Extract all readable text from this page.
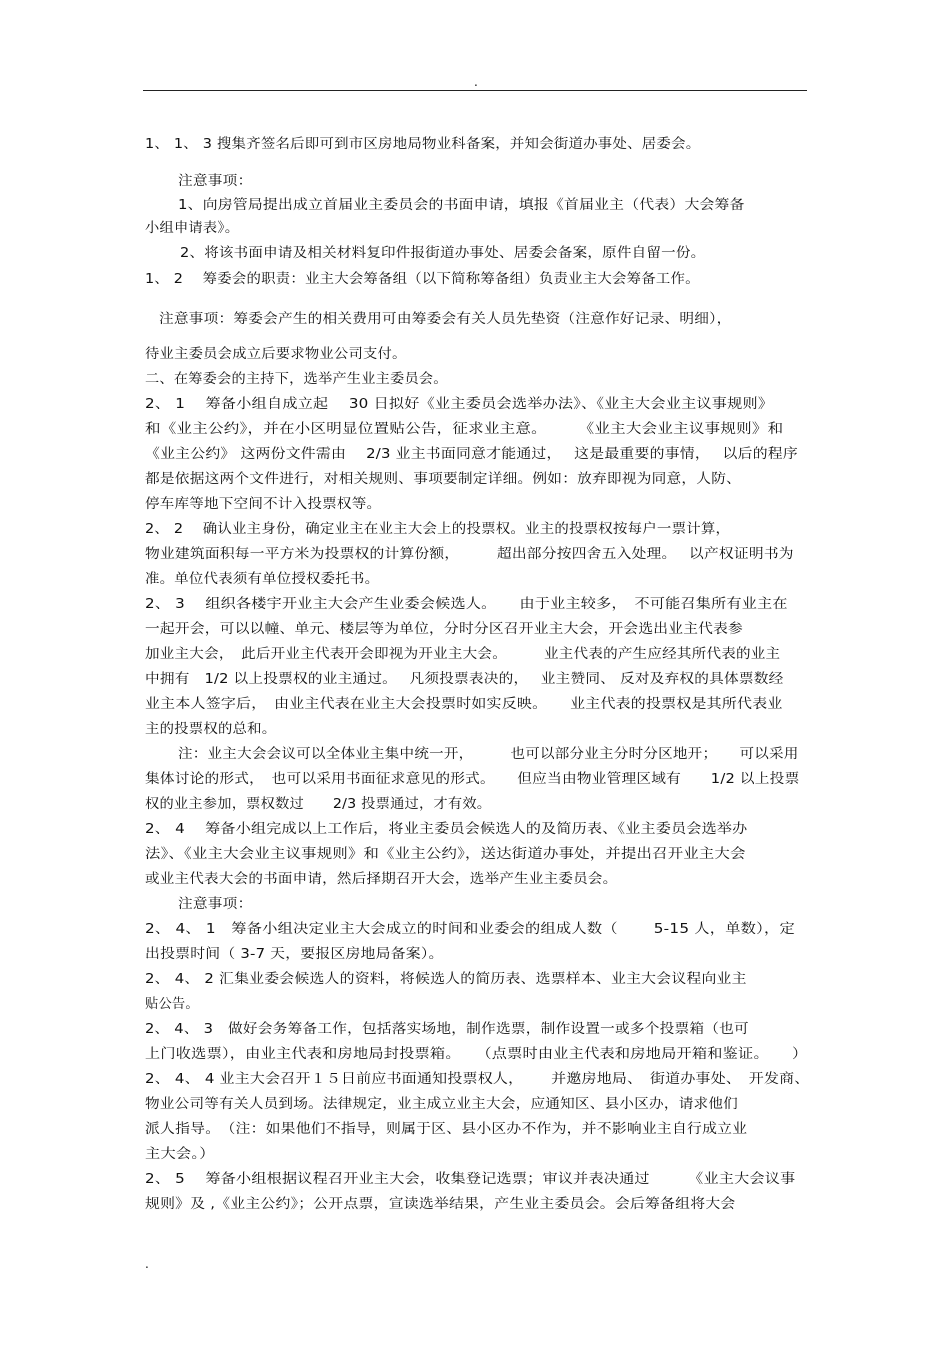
.
1、 1、 3 搜集齐签名后即可到市区房地局物业科备案，并知会街道办事处、居委会。
注意事项：
1、向房管局提出成立首届业主委员会的书面申请，填报《首届业主（代表）大会筹备
小组申请表》。
2、将该书面申请及相关材料复印件报街道办事处、居委会备案，原件自留一份。
1、 2　 筹委会的职责：业主大会筹备组（以下简称筹备组）负责业主大会筹备工作。
注意事项：筹委会产生的相关费用可由筹委会有关人员先垫资（注意作好记录、明细），
待业主委员会成立后要求物业公司支付。
二、在筹委会的主持下，选举产生业主委员会。
2、 1　 筹备小组自成立起　 30 日拟好《业主委员会选举办法》、《业主大会业主议事规则》
和《业主公约》，并在小区明显位置贴公告，征求业主意。　　　《业主大会业主议事规则》和
《业主公约》 这两份文件需由　 2/3 业主书面同意才能通过，　 这是最重要的事情，　 以后的程序
都是依据这两个文件进行，对相关规则、事项要制定详细。例如：放弃即视为同意，人防、
停车库等地下空间不计入投票权等。
2、 2　 确认业主身份，确定业主在业主大会上的投票权。业主的投票权按每户一票计算，
物业建筑面积每一平方米为投票权的计算份额，　　　超出部分按四舍五入处理。　 以产权证明书为
准。单位代表须有单位授权委托书。
2、 3　 组织各楼宇开业主大会产生业委会候选人。　　由于业主较多，　不可能召集所有业主在
一起开会，可以以幢、单元、楼层等为单位，分时分区召开业主大会，开会选出业主代表参
加业主大会，　此后开业主代表开会即视为开业主大会。　　　业主代表的产生应经其所代表的业主
中拥有　1/2 以上投票权的业主通过。　 凡须投票表决的，　 业主赞同、 反对及弃权的具体票数经
业主本人签字后，　由业主代表在业主大会投票时如实反映。　　业主代表的投票权是其所代表业
主的投票权的总和。
注：业主大会会议可以全体业主集中统一开，　　　也可以部分业主分时分区地开；　　可以采用
集体讨论的形式，　也可以采用书面征求意见的形式。　　但应当由物业管理区域有　　1/2 以上投票
权的业主参加，票权数过　　2/3 投票通过，才有效。
2、 4　 筹备小组完成以上工作后，将业主委员会候选人的及简历表、《业主委员会选举办
法》、《业主大会业主议事规则》和《业主公约》，送达街道办事处，并提出召开业主大会
或业主代表大会的书面申请，然后择期召开大会，选举产生业主委员会。
注意事项：
2、 4、 1　筹备小组决定业主大会成立的时间和业委会的组成人数（　　 5-15 人，单数），定
出投票时间（ 3-7 天，要报区房地局备案）。
2、 4、 2 汇集业委会候选人的资料，将候选人的简历表、选票样本、业主大会议程向业主
贴公告。
2、 4、 3　做好会务筹备工作，包括落实场地，制作选票，制作设置一或多个投票箱（也可
上门收选票），由业主代表和房地局封投票箱。　　（点票时由业主代表和房地局开箱和鉴证。　　）
2、 4、 4 业主大会召开１５日前应书面通知投票权人，　　 并邀房地局、　街道办事处、　开发商、
物业公司等有关人员到场。法律规定，业主成立业主大会，应通知区、县小区办，请求他们
派人指导。　（注：如果他们不指导，则属于区、县小区办不作为，并不影响业主自行成立业
主大会。）
2、 5　 筹备小组根据议程召开业主大会，收集登记选票；审议并表决通过　　　《业主大会议事
规则》及 ,《业主公约》；公开点票，宣读选举结果，产生业主委员会。会后筹备组将大会
.
